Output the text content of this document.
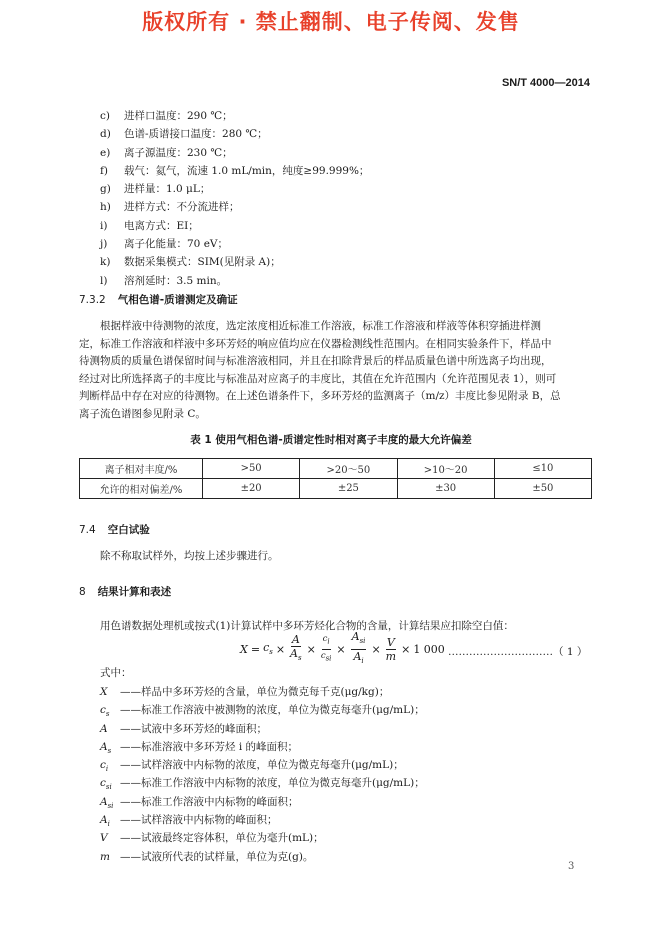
版权所有 · 禁止翻制、电子传阅、发售
SN/T 4000—2014
c) 进样口温度：290 ℃；
d) 色谱-质谱接口温度：280 ℃；
e) 离子源温度：230 ℃；
f) 载气：氦气，流速 1.0 mL/min，纯度≥99.999%；
g) 进样量：1.0 μL；
h) 进样方式：不分流进样；
i) 电离方式：EI；
j) 离子化能量：70 eV；
k) 数据采集模式：SIM(见附录 A)；
l) 溶剂延时：3.5 min。
7.3.2 气相色谱-质谱测定及确证
根据样液中待测物的浓度，选定浓度相近标准工作溶液，标准工作溶液和样液等体积穿插进样测
定，标准工作溶液和样液中多环芳烃的响应值均应在仪器检测线性范围内。在相同实验条件下，样品中
待测物质的质量色谱保留时间与标准溶液相同，并且在扣除背景后的样品质量色谱中所选离子均出现，
经过对比所选择离子的丰度比与标准品对应离子的丰度比，其值在允许范围内（允许范围见表 1），则可
判断样品中存在对应的待测物。在上述色谱条件下，多环芳烃的监测离子（m/z）丰度比参见附录 B，总
离子流色谱图参见附录 C。
表 1 使用气相色谱-质谱定性时相对离子丰度的最大允许偏差
离子相对丰度/%	>50	>20～50	>10～20	≤10
允许的相对偏差/%	±20	±25	±30	±50
7.4 空白试验
除不称取试样外，均按上述步骤进行。
8 结果计算和表述
用色谱数据处理机或按式(1)计算试样中多环芳烃化合物的含量，计算结果应扣除空白值：
$X = c_s \times \frac{A}{A_s}$ ×
$c_i$
$c_{si}$
×
$A_{si}$
$A_i$
× $\frac{V}{m} \times 1$ 000 …………………………（ 1 ）
式中：
X ——样品中多环芳烃的含量，单位为微克每千克(μg/kg)；
$c_s$ ——标准工作溶液中被测物的浓度，单位为微克每毫升(μg/mL)；
A ——试液中多环芳烃的峰面积；
$A_s$ ——标准溶液中多环芳烃 i 的峰面积；
$c_i$ ——试样溶液中内标物的浓度，单位为微克每毫升(μg/mL)；
$c_{si}$ ——标准工作溶液中内标物的浓度，单位为微克每毫升(μg/mL)；
$A_{si}$ ——标准工作溶液中内标物的峰面积；
$A_i$ ——试样溶液中内标物的峰面积；
V ——试液最终定容体积，单位为毫升(mL)；
m ——试液所代表的试样量，单位为克(g)。
3
